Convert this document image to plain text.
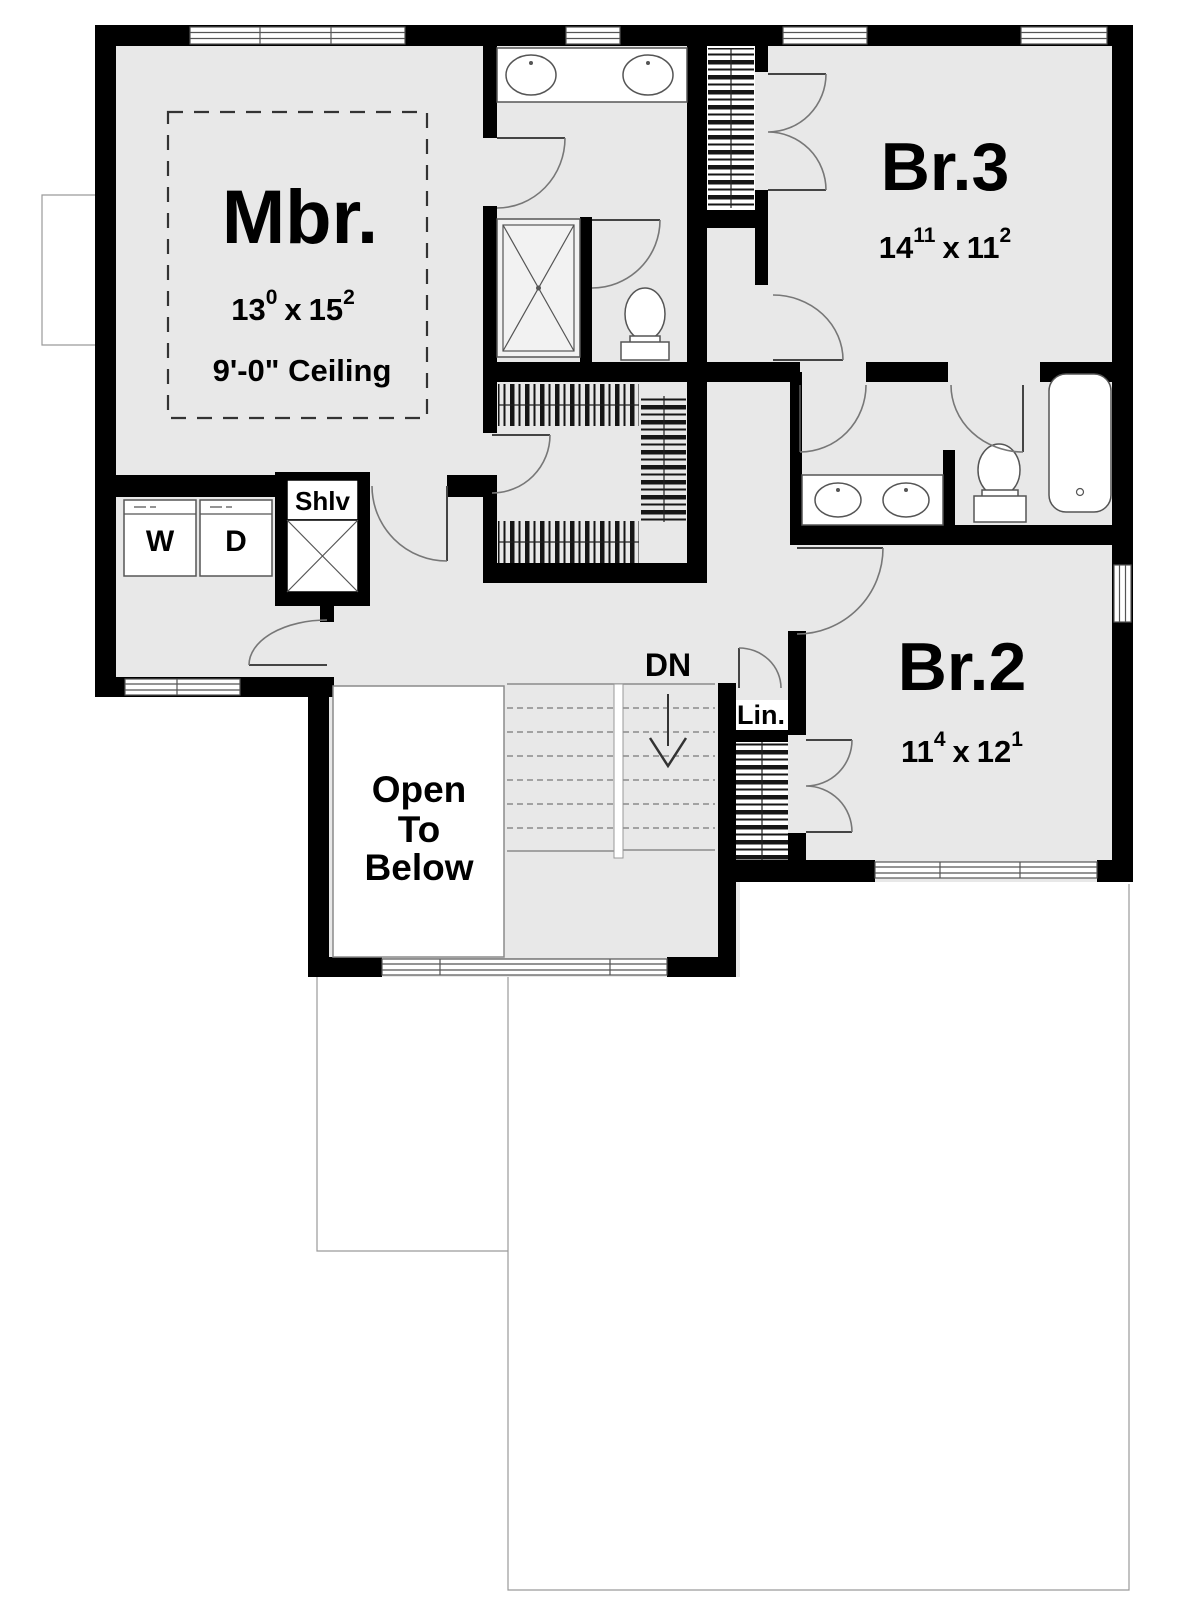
Mbr.
$13^0$ x $15^2$
9'-0" Ceiling
Br.3
$14^{11}$ x $11^2$
Br.2
$11^4$ x $12^1$
Open
To
Below
DN
Lin.
W D
Shlv
